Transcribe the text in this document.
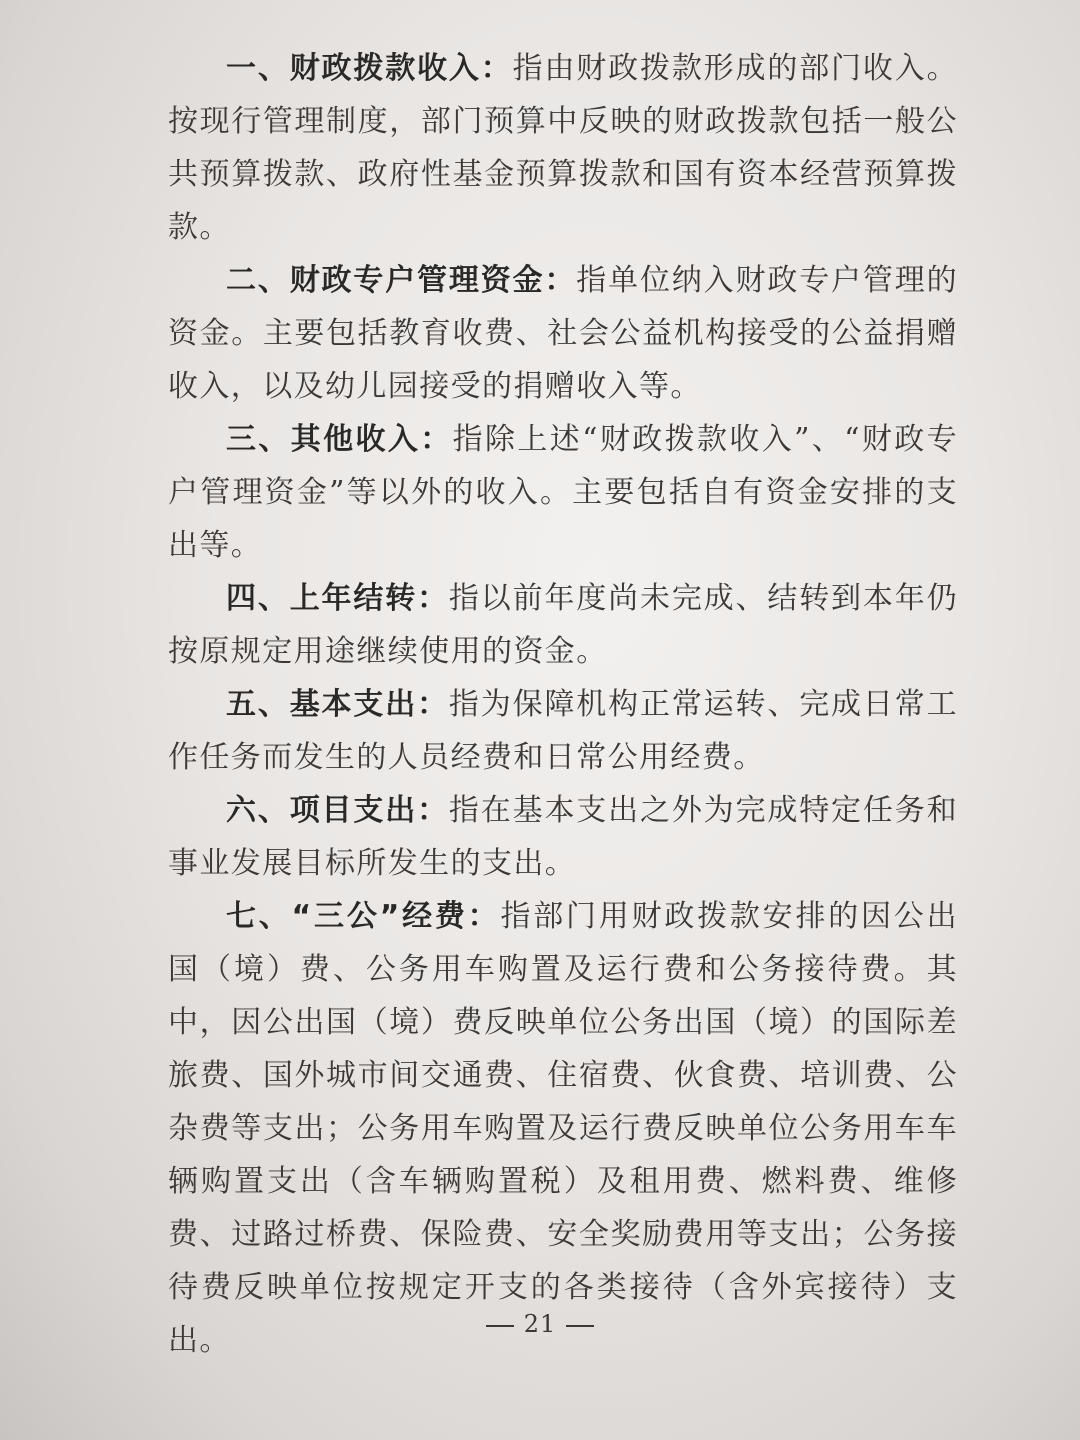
一、财政拨款收入：指由财政拨款形成的部门收入。按现行管理制度，部门预算中反映的财政拨款包括一般公共预算拨款、政府性基金预算拨款和国有资本经营预算拨款。

二、财政专户管理资金：指单位纳入财政专户管理的资金。主要包括教育收费、社会公益机构接受的公益捐赠收入，以及幼儿园接受的捐赠收入等。

三、其他收入：指除上述“财政拨款收入”、“财政专户管理资金”等以外的收入。主要包括自有资金安排的支出等。

四、上年结转：指以前年度尚未完成、结转到本年仍按原规定用途继续使用的资金。

五、基本支出：指为保障机构正常运转、完成日常工作任务而发生的人员经费和日常公用经费。

六、项目支出：指在基本支出之外为完成特定任务和事业发展目标所发生的支出。

七、“三公”经费：指部门用财政拨款安排的因公出国（境）费、公务用车购置及运行费和公务接待费。其中，因公出国（境）费反映单位公务出国（境）的国际差旅费、国外城市间交通费、住宿费、伙食费、培训费、公杂费等支出；公务用车购置及运行费反映单位公务用车车辆购置支出（含车辆购置税）及租用费、燃料费、维修费、过路过桥费、保险费、安全奖励费用等支出；公务接待费反映单位按规定开支的各类接待（含外宾接待）支出。	21
